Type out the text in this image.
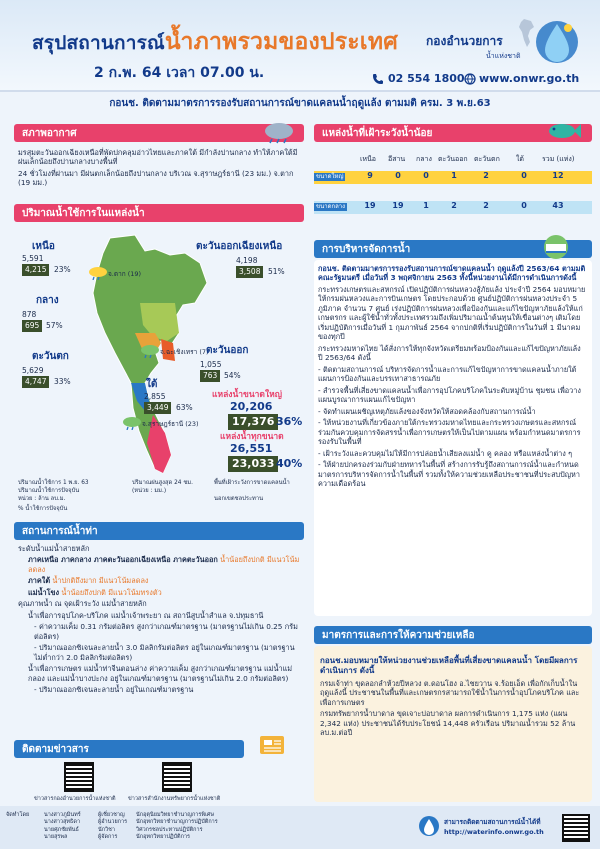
สรุปสถานการณ์น้ำภาพรวมของประเทศ
2 ก.พ. 64 เวลา 07.00 น.
กองอำนวยการ
น้ำแห่งชาติ
02 554 1800 www.onwr.go.th
กอนช. ติดตามมาตรการรองรับสถานการณ์ขาดแคลนน้ำฤดูแล้ง ตามมติ ครม. 3 พ.ย.63
สภาพอากาศ

มรสุมตะวันออกเฉียงเหนือที่พัดปกคลุมอ่าวไทยและภาคใต้ มีกำลังปานกลาง ทำให้ภาคใต้มีฝนเล็กน้อยถึงปานกลางบางพื้นที่

24 ชั่วโมงที่ผ่านมา มีฝนตกเล็กน้อยถึงปานกลาง บริเวณ จ.สุราษฎร์ธานี (23 มม.) จ.ตาก (19 มม.)

ปริมาณน้ำใช้การในแหล่งน้ำ
จ.ตาก (19)
จ.ฉะเชิงเทรา (7)
จ.สุราษฎร์ธานี (23)
เหนือ
5,591
4,215	23%
ตะวันออกเฉียงเหนือ
4,198
3,508	51%
กลาง
878
695 57%
ตะวันออก
1,055
763 54%
ตะวันตก
5,629
4,747	33%	ใต้
2,855
3,449	63%
แหล่งน้ำขนาดใหญ่
20,206
17,376 36%
แหล่งน้ำทุกขนาด
26,551
23,033 40%
ปริมาณน้ำใช้การ 1 พ.ย. 63
ปริมาณน้ำใช้การปัจจุบัน
หน่วย : ล้าน ลบ.ม.
% น้ำใช้การปัจจุบัน
ปริมาณฝนสูงสุด 24 ชม.
(หน่วย : มม.)
พื้นที่เฝ้าระวังการขาดแคลนน้ำ
นอกเขตชลประทาน
แหล่งน้ำที่เฝ้าระวังน้ำน้อย
เหนือ อีสาน กลาง ตะวันออก ตะวันตก ใต้	รวม (แห่ง)
ขนาดใหญ่	9	0	0	1	2	0	12
ขนาดกลาง	19	19	1	2	2	0	43
การบริหารจัดการน้ำ

กอนช. ติดตามมาตรการรองรับสถานการณ์ขาดแคลนน้ำ ฤดูแล้งปี 2563/64 ตามมติคณะรัฐมนตรี เมื่อวันที่ 3 พฤศจิกายน 2563 ทั้งนี้หน่วยงานได้มีการดำเนินการดังนี้

กระทรวงเกษตรและสหกรณ์ เปิดปฏิบัติการฝนหลวงสู้ภัยแล้ง ประจำปี 2564 มอบหมายให้กรมฝนหลวงและการบินเกษตร โดยประกอบด้วย ศูนย์ปฏิบัติการฝนหลวงประจำ 5 ภูมิภาค จำนวน 7 ศูนย์ เร่งปฏิบัติการฝนหลวงเพื่อป้องกันและแก้ไขปัญหาภัยแล้งให้แก่เกษตรกร และผู้ใช้น้ำทั่วทั้งประเทศรวมถึงเพิ่มปริมาณน้ำต้นทุนให้เขื่อนต่างๆ เติมโดยเริ่มปฏิบัติการเมื่อวันที่ 1 กุมภาพันธ์ 2564 จากปกติที่เริ่มปฏิบัติการในวันที่ 1 มีนาคมของทุกปี

กระทรวงมหาดไทย ได้สั่งการให้ทุกจังหวัดเตรียมพร้อมป้องกันและแก้ไขปัญหาภัยแล้ง ปี 2563/64 ดังนี้

- ติดตามสถานการณ์ บริหารจัดการน้ำและการแก้ไขปัญหาการขาดแคลนน้ำภายใต้แผนการป้องกันและบรรเทาสาธารณภัย

- สำรวจพื้นที่เสี่ยงขาดแคลนน้ำเพื่อการอุปโภคบริโภคในระดับหมู่บ้าน ชุมชน เพื่อวางแผนบูรณาการแผนแก้ไขปัญหา

- จัดทำแผนเผชิญเหตุภัยแล้งของจังหวัดให้สอดคล้องกับสถานการณ์น้ำ

- ให้หน่วยงานที่เกี่ยวข้องภายใต้กระทรวงมหาดไทยและกระทรวงเกษตรและสหกรณ์ ร่วมกันควบคุมการจัดสรรน้ำเพื่อการเกษตรให้เป็นไปตามแผน พร้อมกำหนดมาตรการรองรับในพื้นที่

- เฝ้าระวังและควบคุมไม่ให้มีการปล่อยน้ำเสียลงแม่น้ำ คู คลอง หรือแหล่งน้ำต่าง ๆ

- ให้ฝ่ายปกครองร่วมกับฝ่ายทหารในพื้นที่ สร้างการรับรู้ถึงสถานการณ์น้ำและกำหนดมาตรการบริหารจัดการน้ำในพื้นที่ รวมทั้งให้ความช่วยเหลือประชาชนที่ประสบปัญหาความเดือดร้อน

สถานการณ์น้ำท่า

ระดับน้ำแม่น้ำสายหลัก

ภาคเหนือ ภาคกลาง ภาคตะวันออกเฉียงเหนือ ภาคตะวันออก น้ำน้อยถึงปกติ มีแนวโน้มลดลง

ภาคใต้ น้ำปกติถึงมาก มีแนวโน้มลดลง

แม่น้ำโขง น้ำน้อยถึงปกติ มีแนวโน้มทรงตัว

คุณภาพน้ำ ณ จุดเฝ้าระวัง แม่น้ำสายหลัก

น้ำเพื่อการอุปโภค-บริโภค แม่น้ำเจ้าพระยา ณ สถานีสูบน้ำสำแล จ.ปทุมธานี

- ค่าความเค็ม 0.31 กรัมต่อลิตร สูงกว่าเกณฑ์มาตรฐาน (มาตรฐานไม่เกิน 0.25 กรัมต่อลิตร)

- ปริมาณออกซิเจนละลายน้ำ 3.0 มิลลิกรัมต่อลิตร อยู่ในเกณฑ์มาตรฐาน (มาตรฐานไม่ต่ำกว่า 2.0 มิลลิกรัมต่อลิตร)

น้ำเพื่อการเกษตร แม่น้ำท่าจีนตอนล่าง ค่าความเค็ม สูงกว่าเกณฑ์มาตรฐาน แม่น้ำแม่กลอง และแม่น้ำบางปะกง อยู่ในเกณฑ์มาตรฐาน (มาตรฐานไม่เกิน 2.0 กรัมต่อลิตร)

- ปริมาณออกซิเจนละลายน้ำ อยู่ในเกณฑ์มาตรฐาน

ติดตามข่าวสาร
ข่าวสารกองอำนวยการน้ำแห่งชาติ ข่าวสารสำนักงานทรัพยากรน้ำแห่งชาติ
มาตรการและการให้ความช่วยเหลือ

กอนช.มอบหมายให้หน่วยงานช่วยเหลือพื้นที่เสี่ยงขาดแคลนน้ำ โดยมีผลการดำเนินการ ดังนี้

กรมเจ้าท่า ขุดลอกลำห้วยปีหลวง ต.ดอนโฮง อ.ไชยวาน จ.ร้อยเอ็ด เพื่อกักเก็บน้ำในฤดูแล้งนี้ ประชาชนในพื้นที่และเกษตรกรสามารถใช้น้ำในการน้ำอุปโภคบริโภค และเพื่อการเกษตร

กรมทรัพยากรน้ำบาดาล ขุดเจาะบ่อบาดาล ผลการดำเนินการ 1,175 แห่ง (แผน 2,342 แห่ง) ประชาชนได้รับประโยชน์ 14,448 ครัวเรือน ปริมาณน้ำรวม 52 ล้าน ลบ.ม.ต่อปี

จัดทำโดย	นางสาวภูมินทร์
นางสาวสุทธิดา
นายศุภชัยพันธ์
นายสุรพล
ผู้เชี่ยวชาญ
ผู้อำนวยการ
นักวิชา
ผู้จัดการ
นักอุตุนิยมวิทยาชำนาญการพิเศษ
นักอุทกวิทยาชำนาญการปฏิบัติการ
วิศวกรชลประทานปฏิบัติการ
นักอุทกวิทยาปฏิบัติการ
สามารถติดตามสถานการณ์น้ำได้ที่
http://waterinfo.onwr.go.th
